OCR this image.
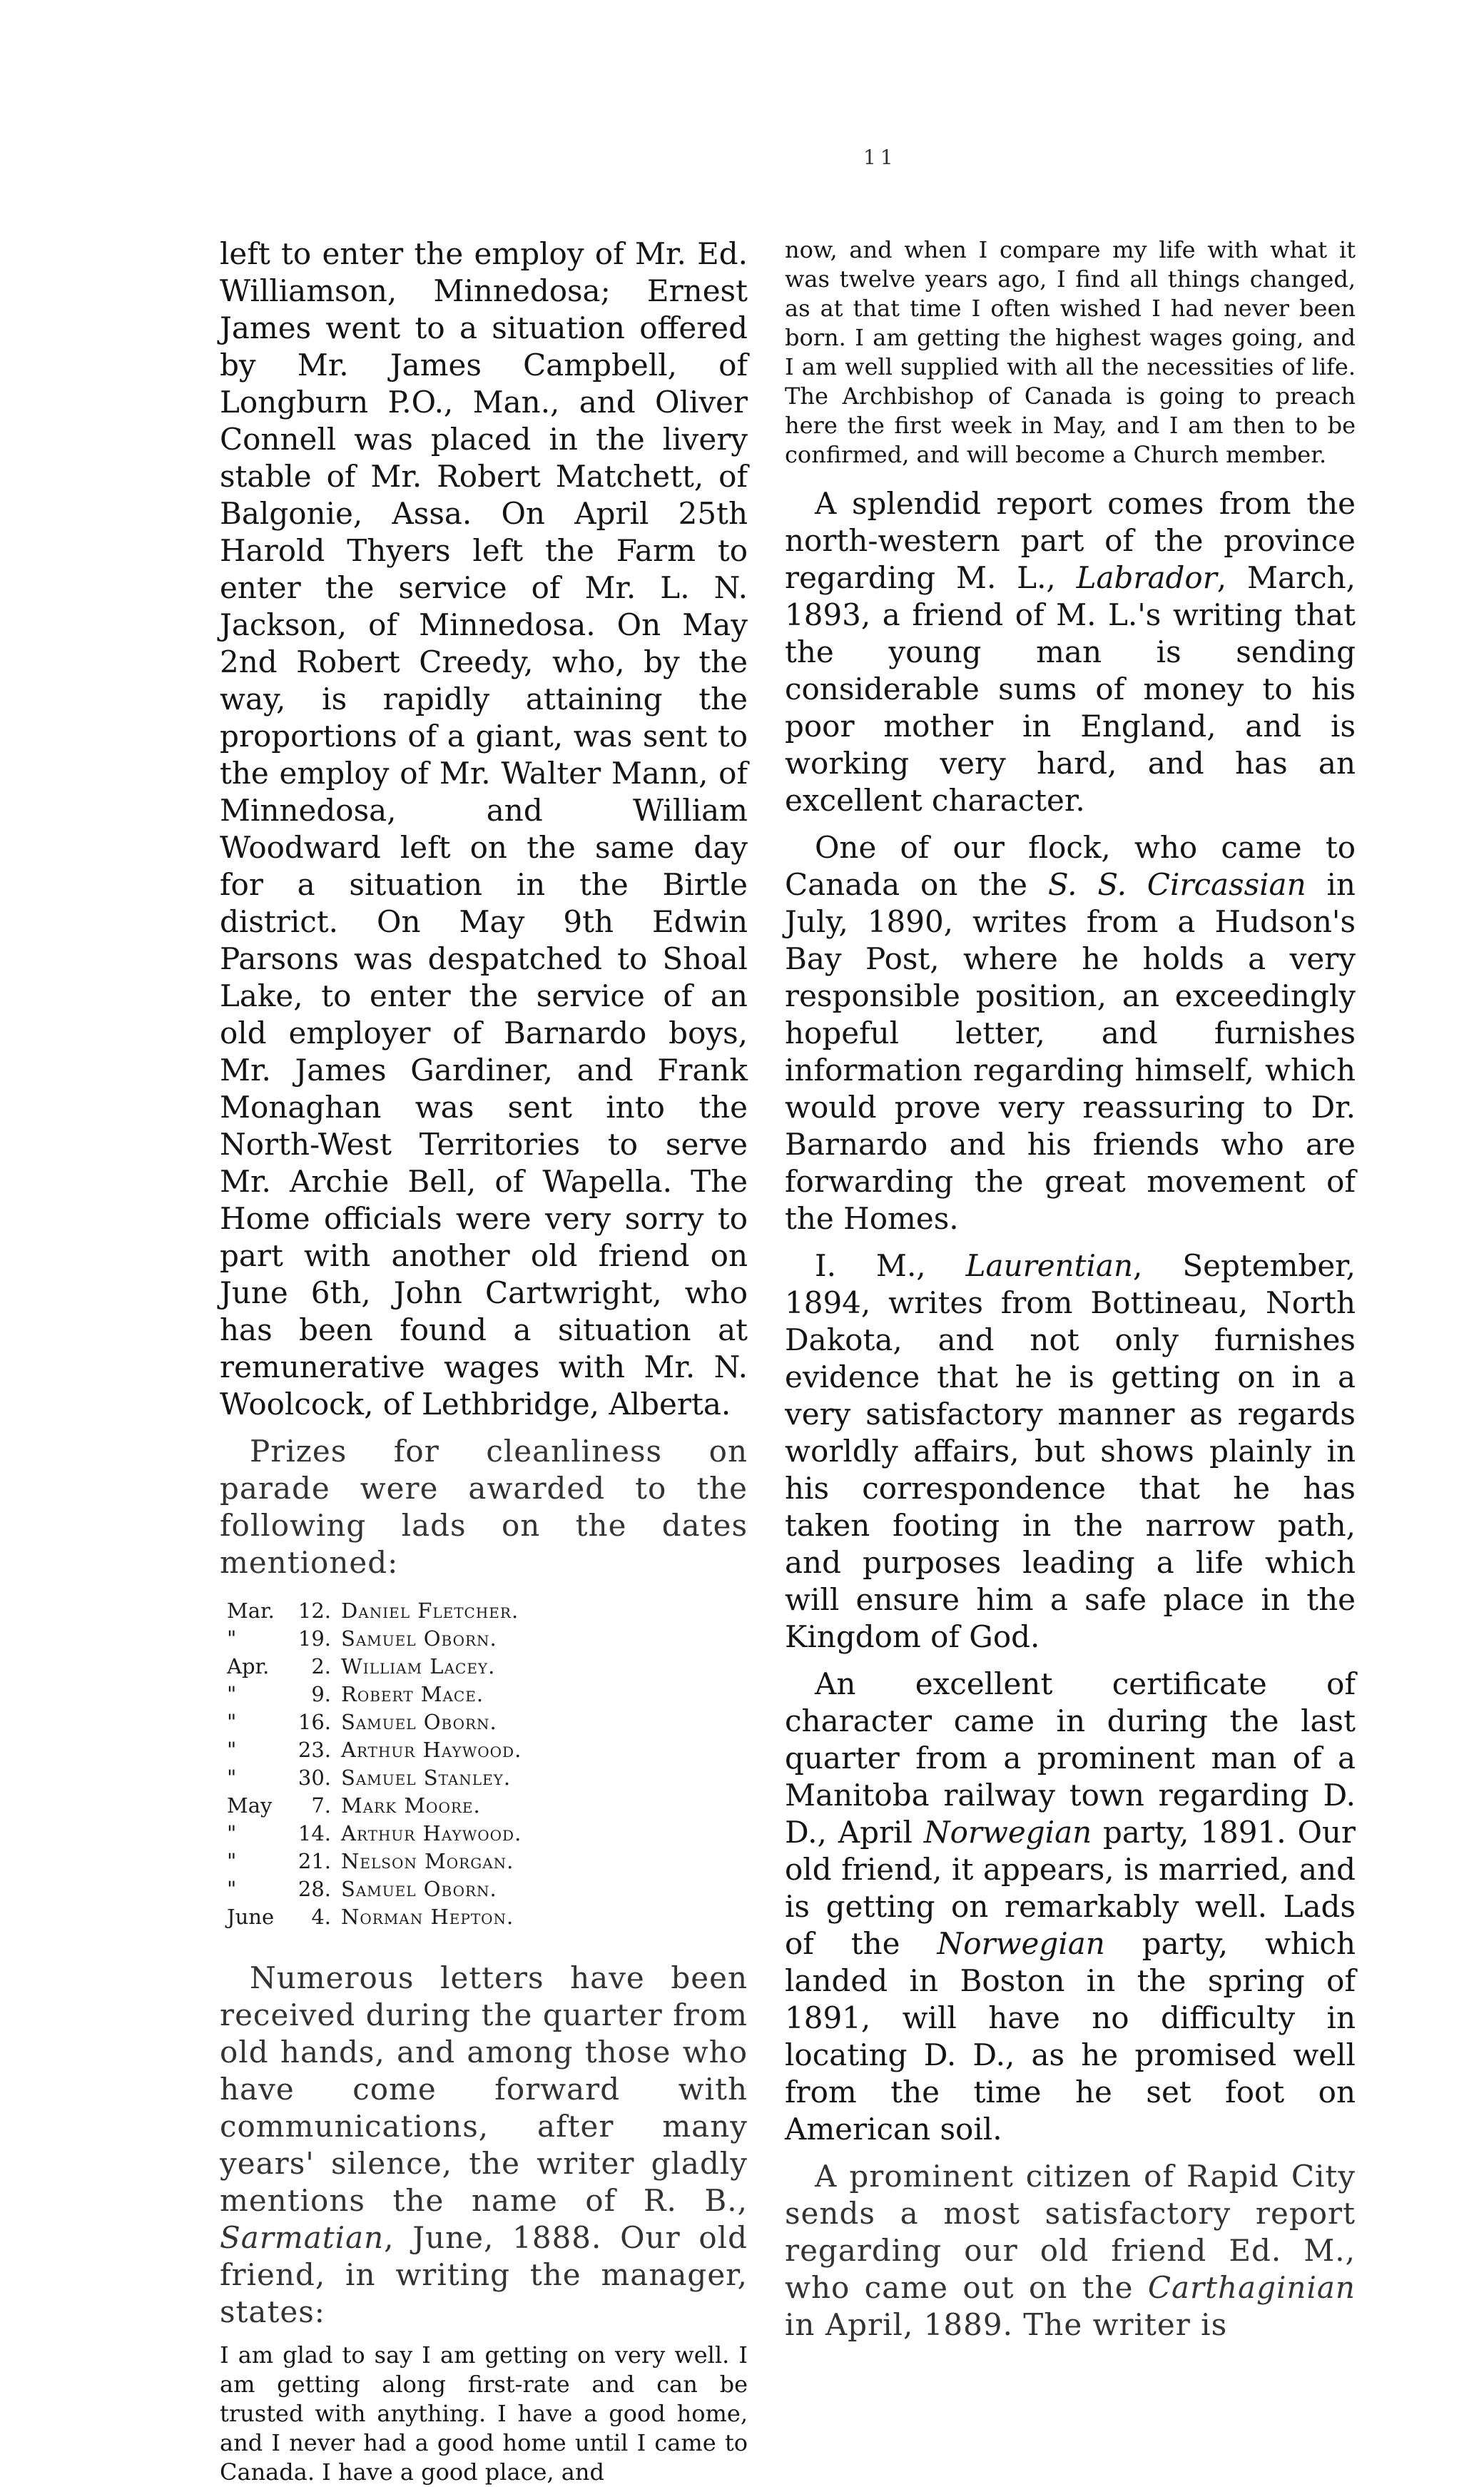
11

left to enter the employ of Mr. Ed. Williamson, Minnedosa; Ernest James went to a situation offered by Mr. James Campbell, of Longburn P.O., Man., and Oliver Connell was placed in the livery stable of Mr. Robert Matchett, of Balgonie, Assa. On April 25th Harold Thyers left the Farm to enter the service of Mr. L. N. Jackson, of Minnedosa. On May 2nd Robert Creedy, who, by the way, is rapidly attaining the proportions of a giant, was sent to the employ of Mr. Walter Mann, of Minnedosa, and William Woodward left on the same day for a situation in the Birtle district. On May 9th Edwin Parsons was despatched to Shoal Lake, to enter the service of an old employer of Barnardo boys, Mr. James Gardiner, and Frank Monaghan was sent into the North-West Territories to serve Mr. Archie Bell, of Wapella. The Home officials were very sorry to part with another old friend on June 6th, John Cartwright, who has been found a situation at remunerative wages with Mr. N. Woolcock, of Lethbridge, Alberta.

Prizes for cleanliness on parade were awarded to the following lads on the dates mentioned:

Mar.	12.	Daniel Fletcher.
"	19.	Samuel Oborn.
Apr.	2.	William Lacey.
"	9.	Robert Mace.
"	16.	Samuel Oborn.
"	23.	Arthur Haywood.
"	30.	Samuel Stanley.
May	7.	Mark Moore.
"	14.	Arthur Haywood.
"	21.	Nelson Morgan.
"	28.	Samuel Oborn.
June	4.	Norman Hepton.

Numerous letters have been received during the quarter from old hands, and among those who have come forward with communications, after many years' silence, the writer gladly mentions the name of R. B., Sarmatian, June, 1888. Our old friend, in writing the manager, states:

I am glad to say I am getting on very well. I am getting along first-rate and can be trusted with anything. I have a good home, and I never had a good home until I came to Canada. I have a good place, and

now, and when I compare my life with what it was twelve years ago, I find all things changed, as at that time I often wished I had never been born. I am getting the highest wages going, and I am well supplied with all the necessities of life. The Archbishop of Canada is going to preach here the first week in May, and I am then to be confirmed, and will become a Church member.

A splendid report comes from the north-western part of the province regarding M. L., Labrador, March, 1893, a friend of M. L.'s writing that the young man is sending considerable sums of money to his poor mother in England, and is working very hard, and has an excellent character.

One of our flock, who came to Canada on the S. S. Circassian in July, 1890, writes from a Hudson's Bay Post, where he holds a very responsible position, an exceedingly hopeful letter, and furnishes information regarding himself, which would prove very reassuring to Dr. Barnardo and his friends who are forwarding the great movement of the Homes.

I. M., Laurentian, September, 1894, writes from Bottineau, North Dakota, and not only furnishes evidence that he is getting on in a very satisfactory manner as regards worldly affairs, but shows plainly in his correspondence that he has taken footing in the narrow path, and purposes leading a life which will ensure him a safe place in the Kingdom of God.

An excellent certificate of character came in during the last quarter from a prominent man of a Manitoba railway town regarding D. D., April Norwegian party, 1891. Our old friend, it appears, is married, and is getting on remarkably well. Lads of the Norwegian party, which landed in Boston in the spring of 1891, will have no difficulty in locating D. D., as he promised well from the time he set foot on American soil.

A prominent citizen of Rapid City sends a most satisfactory report regarding our old friend Ed. M., who came out on the Carthaginian in April, 1889. The writer is
